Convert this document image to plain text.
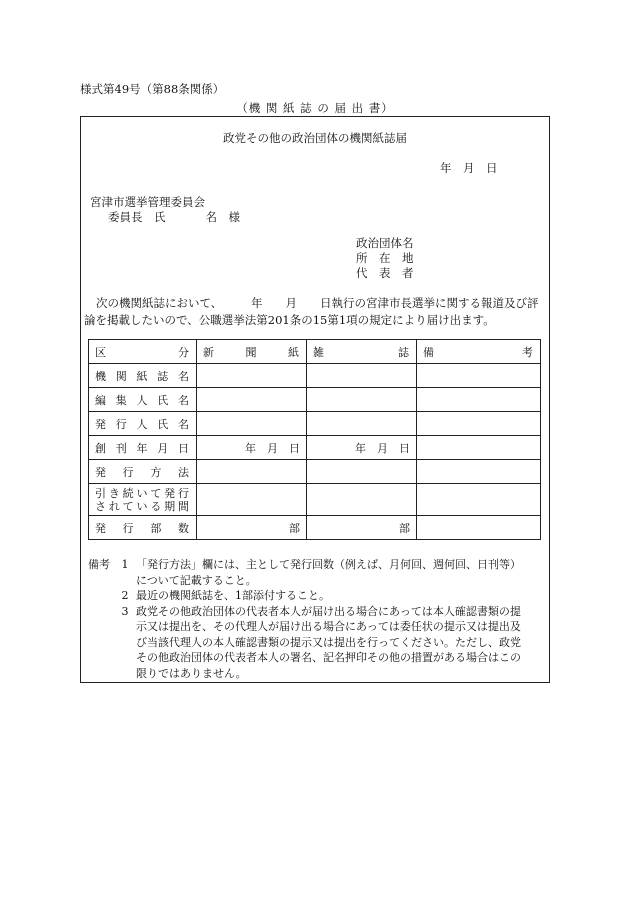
様式第49号（第88条関係）
（機 関 紙 誌 の 届 出 書）
政党その他の政治団体の機関紙誌届
年　月　日
宮津市選挙管理委員会
委員長　氏	名　様
政治団体名
所　在　地
代　表　者
次の機関紙誌において、　　　年　　月　　日執行の宮津市長選挙に関する報道及び評論を掲載したいので、公職選挙法第201条の15第1項の規定により届け出ます。
区　分	新　聞　紙	雑　誌	備　考
機関紙誌名			
編集人氏名			
発行人氏名			
創刊年月日	年　月　日	年　月　日	
発行方法			
引き続いて発行されている期間			
発行部数	部	部	
備考	1 「発行方法」欄には、主として発行回数（例えば、月何回、週何回、日刊等）について記載すること。
2 最近の機関紙誌を、1部添付すること。
3 政党その他政治団体の代表者本人が届け出る場合にあっては本人確認書類の提示又は提出を、その代理人が届け出る場合にあっては委任状の提示又は提出及び当該代理人の本人確認書類の提示又は提出を行ってください。ただし、政党その他政治団体の代表者本人の署名、記名押印その他の措置がある場合はこの限りではありません。
